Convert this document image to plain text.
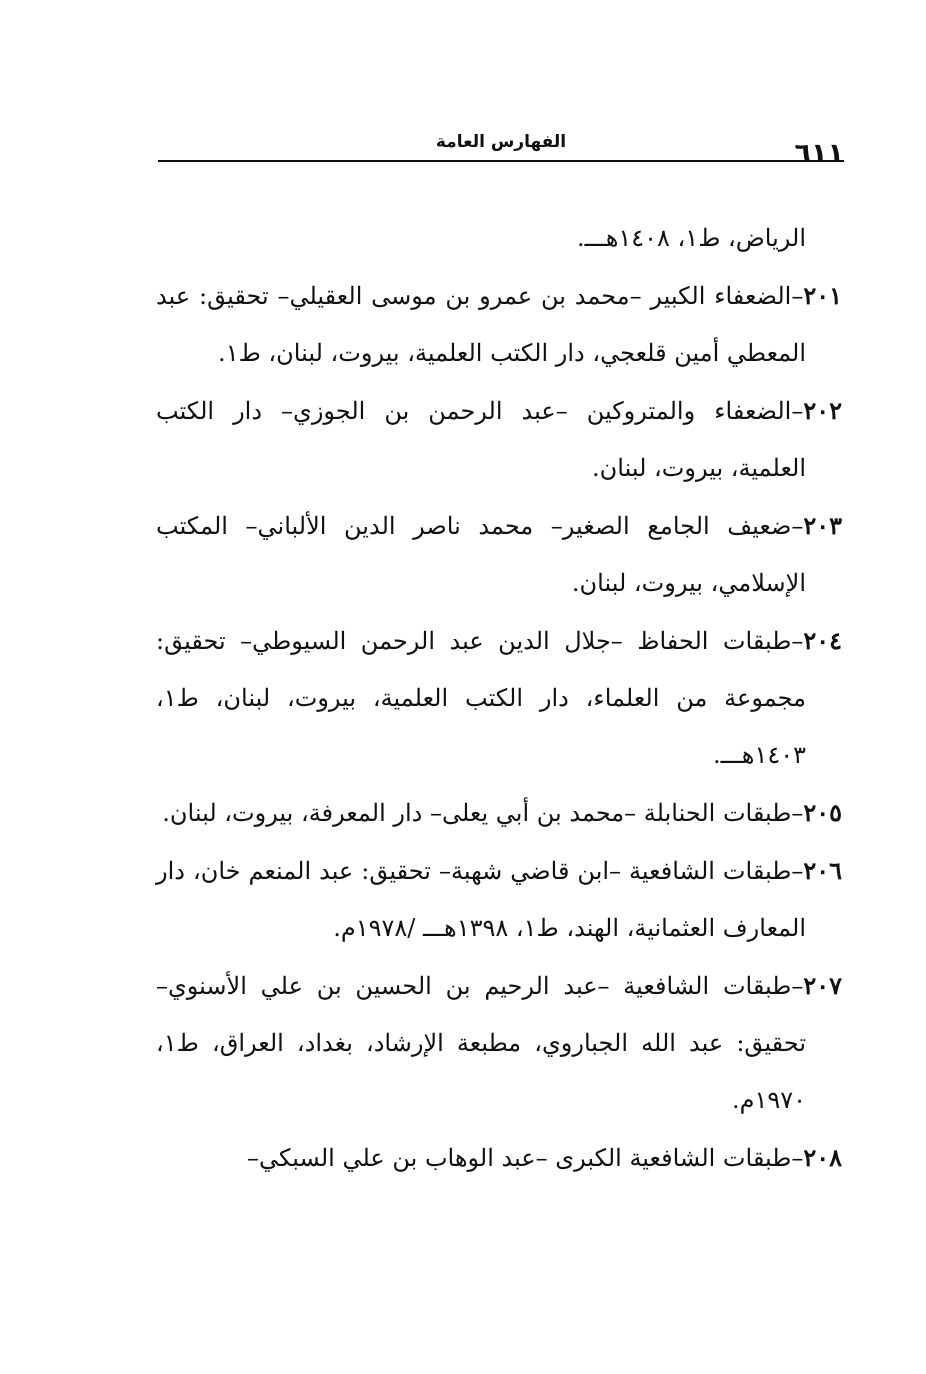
٦١١
الفهارس العامة
الرياض، ط١، ١٤٠٨هـــ.
٢٠١–الضعفاء الكبير –محمد بن عمرو بن موسى العقيلي– تحقيق: عبد المعطي أمين قلعجي، دار الكتب العلمية، بيروت، لبنان، ط١.
٢٠٢–الضعفاء والمتروكين –عبد الرحمن بن الجوزي– دار الكتب العلمية، بيروت، لبنان.
٢٠٣–ضعيف الجامع الصغير– محمد ناصر الدين الألباني– المكتب الإسلامي، بيروت، لبنان.
٢٠٤–طبقات الحفاظ –جلال الدين عبد الرحمن السيوطي– تحقيق: مجموعة من العلماء، دار الكتب العلمية، بيروت، لبنان، ط١، ١٤٠٣هـــ.
٢٠٥–طبقات الحنابلة –محمد بن أبي يعلى– دار المعرفة، بيروت، لبنان.
٢٠٦–طبقات الشافعية –ابن قاضي شهبة– تحقيق: عبد المنعم خان، دار المعارف العثمانية، الهند، ط١، ١٣٩٨هـــ /١٩٧٨م.
٢٠٧–طبقات الشافعية –عبد الرحيم بن الحسين بن علي الأسنوي– تحقيق: عبد الله الجباروي، مطبعة الإرشاد، بغداد، العراق، ط١، ١٩٧٠م.
٢٠٨–طبقات الشافعية الكبرى –عبد الوهاب بن علي السبكي–
